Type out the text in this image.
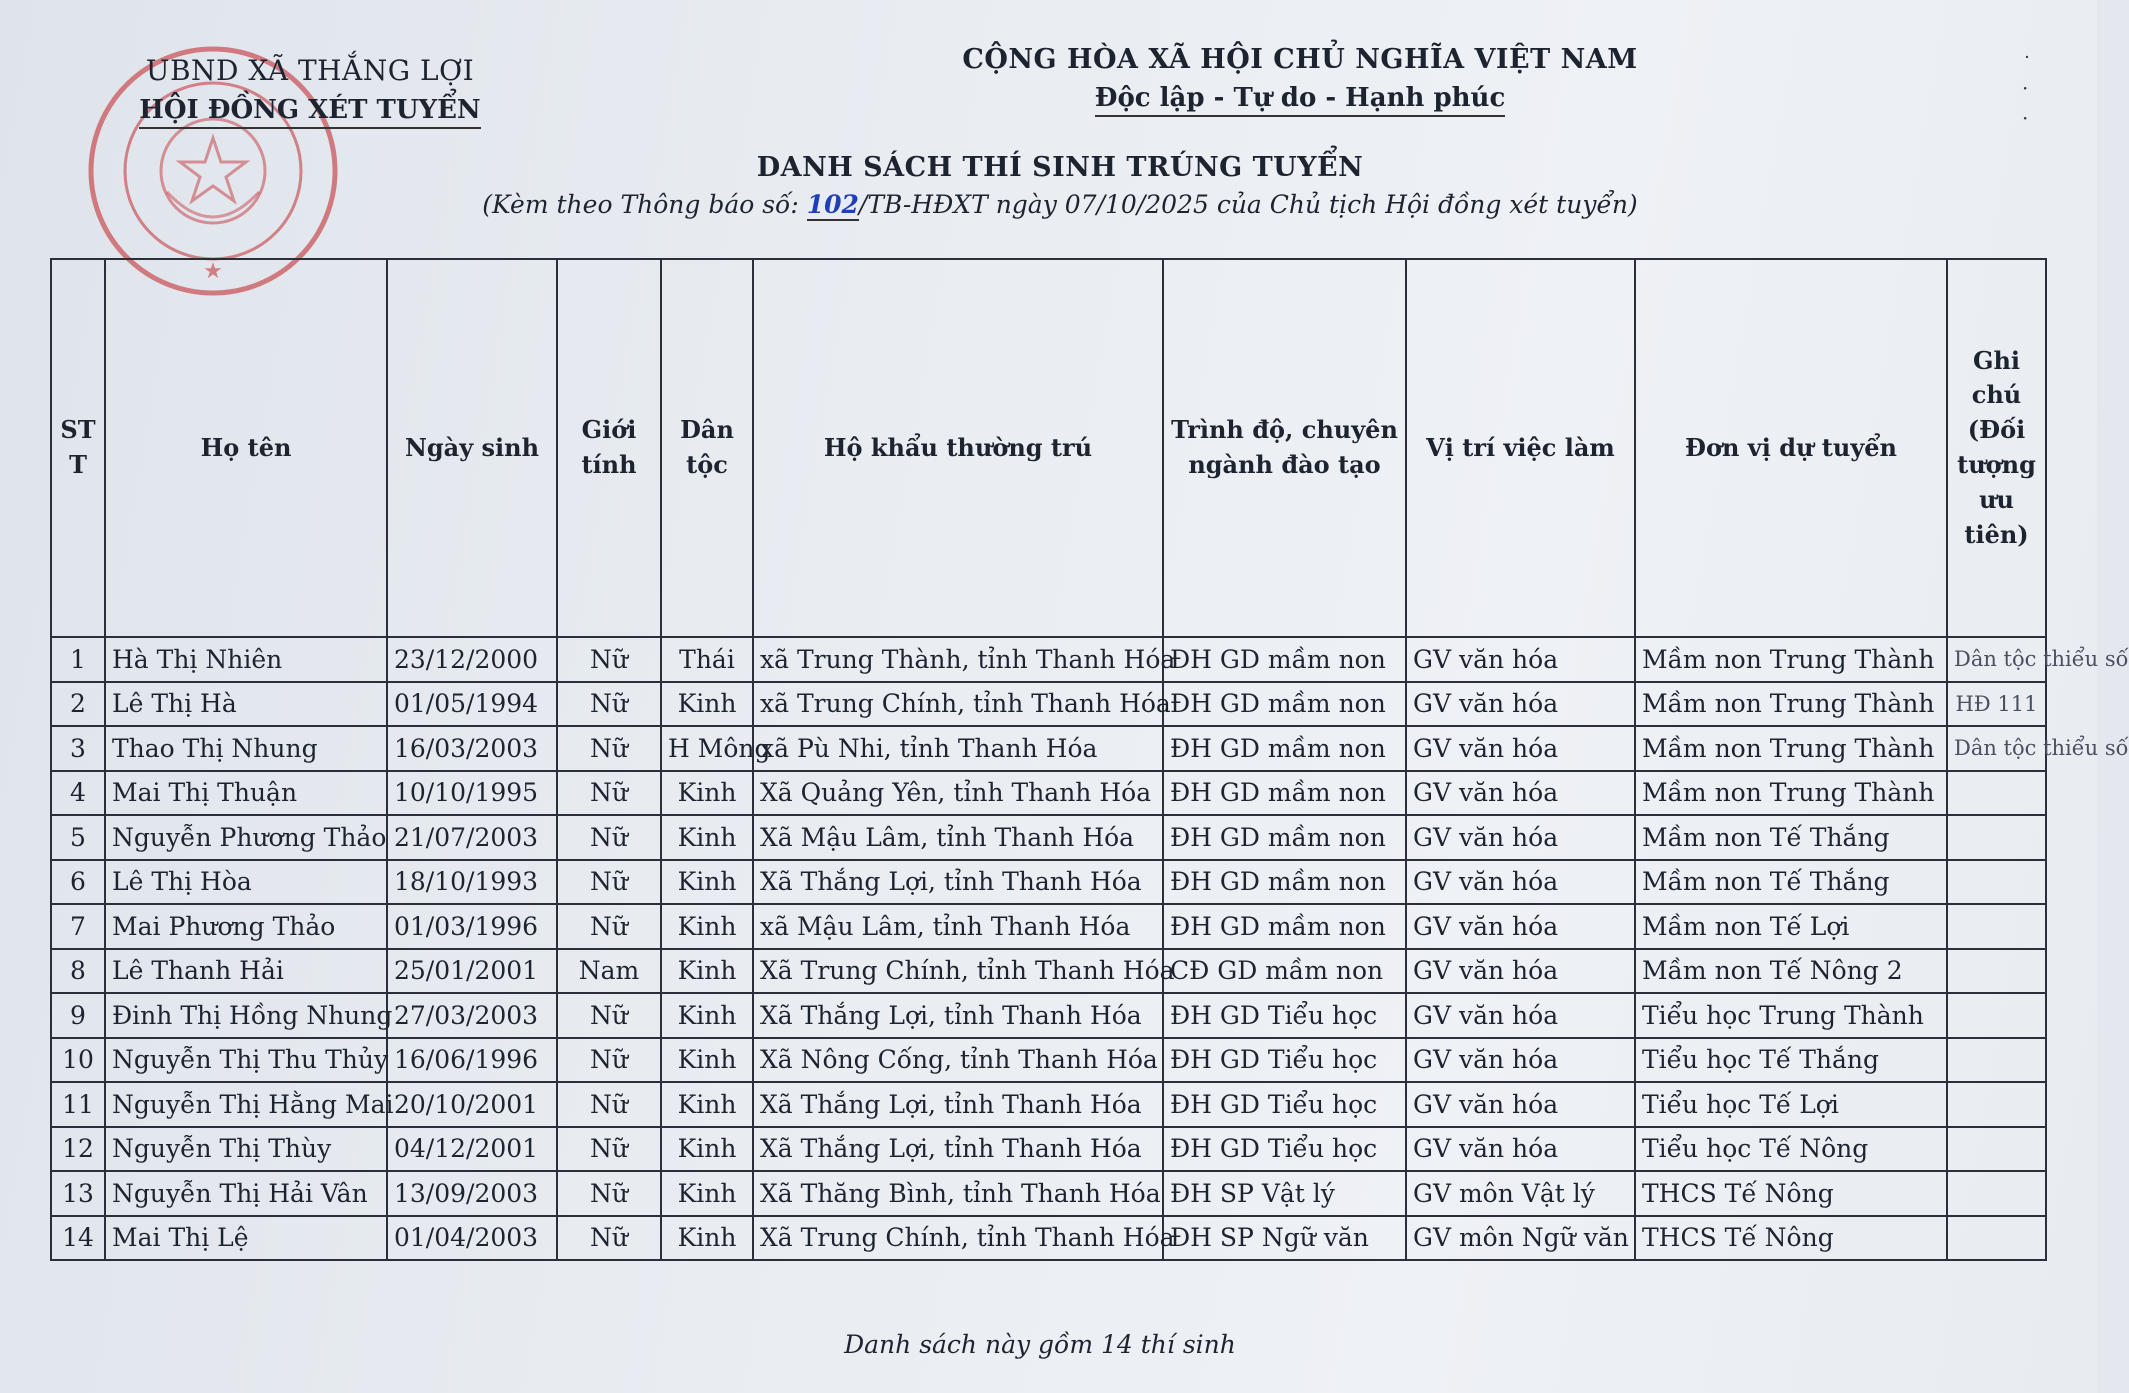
★
UBND XÃ THẮNG LỢI
HỘI ĐỒNG XÉT TUYỂN
CỘNG HÒA XÃ HỘI CHỦ NGHĨA VIỆT NAM
Độc lập - Tự do - Hạnh phúc
˙
·
·
DANH SÁCH THÍ SINH TRÚNG TUYỂN
(Kèm theo Thông báo số: 102/TB-HĐXT ngày 07/10/2025 của Chủ tịch Hội đồng xét tuyển)
ST T	Họ tên	Ngày sinh	Giới tính	Dân tộc	Hộ khẩu thường trú	Trình độ, chuyên ngành đào tạo	Vị trí việc làm	Đơn vị dự tuyển	Ghi chú (Đối tượng ưu tiên)
1	Hà Thị Nhiên	23/12/2000	Nữ	Thái	xã Trung Thành, tỉnh Thanh Hóa	ĐH GD mầm non	GV văn hóa	Mầm non Trung Thành	Dân tộc thiểu số
2	Lê Thị Hà	01/05/1994	Nữ	Kinh	xã Trung Chính, tỉnh Thanh Hóa	ĐH GD mầm non	GV văn hóa	Mầm non Trung Thành	HĐ 111
3	Thao Thị Nhung	16/03/2003	Nữ	H Mông	xã Pù Nhi, tỉnh Thanh Hóa	ĐH GD mầm non	GV văn hóa	Mầm non Trung Thành	Dân tộc thiểu số
4	Mai Thị Thuận	10/10/1995	Nữ	Kinh	Xã Quảng Yên, tỉnh Thanh Hóa	ĐH GD mầm non	GV văn hóa	Mầm non Trung Thành	
5	Nguyễn Phương Thảo	21/07/2003	Nữ	Kinh	Xã Mậu Lâm, tỉnh Thanh Hóa	ĐH GD mầm non	GV văn hóa	Mầm non Tế Thắng	
6	Lê Thị Hòa	18/10/1993	Nữ	Kinh	Xã Thắng Lợi, tỉnh Thanh Hóa	ĐH GD mầm non	GV văn hóa	Mầm non Tế Thắng	
7	Mai Phương Thảo	01/03/1996	Nữ	Kinh	xã Mậu Lâm, tỉnh Thanh Hóa	ĐH GD mầm non	GV văn hóa	Mầm non Tế Lợi	
8	Lê Thanh Hải	25/01/2001	Nam	Kinh	Xã Trung Chính, tỉnh Thanh Hóa	CĐ GD mầm non	GV văn hóa	Mầm non Tế Nông 2	
9	Đinh Thị Hồng Nhung	27/03/2003	Nữ	Kinh	Xã Thắng Lợi, tỉnh Thanh Hóa	ĐH GD Tiểu học	GV văn hóa	Tiểu học Trung Thành	
10	Nguyễn Thị Thu Thủy	16/06/1996	Nữ	Kinh	Xã Nông Cống, tỉnh Thanh Hóa	ĐH GD Tiểu học	GV văn hóa	Tiểu học Tế Thắng	
11	Nguyễn Thị Hằng Mai	20/10/2001	Nữ	Kinh	Xã Thắng Lợi, tỉnh Thanh Hóa	ĐH GD Tiểu học	GV văn hóa	Tiểu học Tế Lợi	
12	Nguyễn Thị Thùy	04/12/2001	Nữ	Kinh	Xã Thắng Lợi, tỉnh Thanh Hóa	ĐH GD Tiểu học	GV văn hóa	Tiểu học Tế Nông	
13	Nguyễn Thị Hải Vân	13/09/2003	Nữ	Kinh	Xã Thăng Bình, tỉnh Thanh Hóa	ĐH SP Vật lý	GV môn Vật lý	THCS Tế Nông	
14	Mai Thị Lệ	01/04/2003	Nữ	Kinh	Xã Trung Chính, tỉnh Thanh Hóa	ĐH SP Ngữ văn	GV môn Ngữ văn	THCS Tế Nông	
Danh sách này gồm 14 thí sinh
